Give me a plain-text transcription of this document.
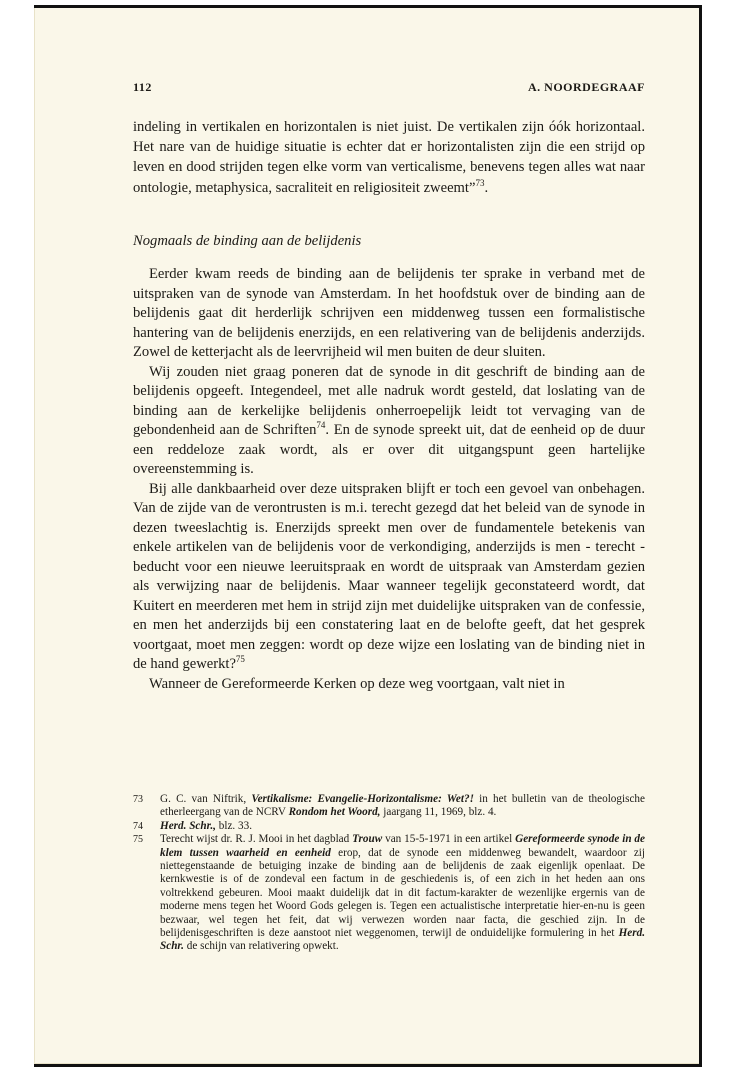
112	A. NOORDEGRAAF

indeling in vertikalen en horizontalen is niet juist. De vertikalen zijn óók horizontaal. Het nare van de huidige situatie is echter dat er horizontalisten zijn die een strijd op leven en dood strijden tegen elke vorm van verticalisme, benevens tegen alles wat naar ontologie, metaphysica, sacraliteit en religiositeit zweemt”$^{73}$.

Nogmaals de binding aan de belijdenis

Eerder kwam reeds de binding aan de belijdenis ter sprake in verband met de uitspraken van de synode van Amsterdam. In het hoofdstuk over de binding aan de belijdenis gaat dit herderlijk schrijven een middenweg tussen een formalistische hantering van de belijdenis enerzijds, en een relativering van de belijdenis anderzijds. Zowel de ketterjacht als de leervrijheid wil men buiten de deur sluiten.

Wij zouden niet graag poneren dat de synode in dit geschrift de binding aan de belijdenis opgeeft. Integendeel, met alle nadruk wordt gesteld, dat loslating van de binding aan de kerkelijke belijdenis onherroepelijk leidt tot vervaging van de gebondenheid aan de Schriften$^{74}$. En de synode spreekt uit, dat de eenheid op de duur een reddeloze zaak wordt, als er over dit uitgangspunt geen hartelijke overeenstemming is.

Bij alle dankbaarheid over deze uitspraken blijft er toch een gevoel van onbehagen. Van de zijde van de verontrusten is m.i. terecht gezegd dat het beleid van de synode in dezen tweeslachtig is. Enerzijds spreekt men over de fundamentele betekenis van enkele artikelen van de belijdenis voor de verkondiging, anderzijds is men - terecht - beducht voor een nieuwe leeruitspraak en wordt de uitspraak van Amsterdam gezien als verwijzing naar de belijdenis. Maar wanneer tegelijk geconstateerd wordt, dat Kuitert en meerderen met hem in strijd zijn met duidelijke uitspraken van de confessie, en men het anderzijds bij een constatering laat en de belofte geeft, dat het gesprek voortgaat, moet men zeggen: wordt op deze wijze een loslating van de binding niet in de hand gewerkt?$^{75}$

Wanneer de Gereformeerde Kerken op deze weg voortgaan, valt niet in

73 G. C. van Niftrik, Vertikalisme: Evangelie-Horizontalisme: Wet?! in het bulletin van de theologische etherleergang van de NCRV Rondom het Woord, jaargang 11, 1969, blz. 4.
74 Herd. Schr., blz. 33.
75 Terecht wijst dr. R. J. Mooi in het dagblad Trouw van 15-5-1971 in een artikel Gereformeerde synode in de klem tussen waarheid en eenheid erop, dat de synode een middenweg bewandelt, waardoor zij niettegenstaande de betuiging inzake de binding aan de belijdenis de zaak eigenlijk openlaat. De kernkwestie is of de zondeval een factum in de geschiedenis is, of een zich in het heden aan ons voltrekkend gebeuren. Mooi maakt duidelijk dat in dit factum-karakter de wezenlijke ergernis van de moderne mens tegen het Woord Gods gelegen is. Tegen een actualistische interpretatie hier-en-nu is geen bezwaar, wel tegen het feit, dat wij verwezen worden naar facta, die geschied zijn. In de belijdenisgeschriften is deze aanstoot niet weggenomen, terwijl de onduidelijke formulering in het Herd. Schr. de schijn van relativering opwekt.
